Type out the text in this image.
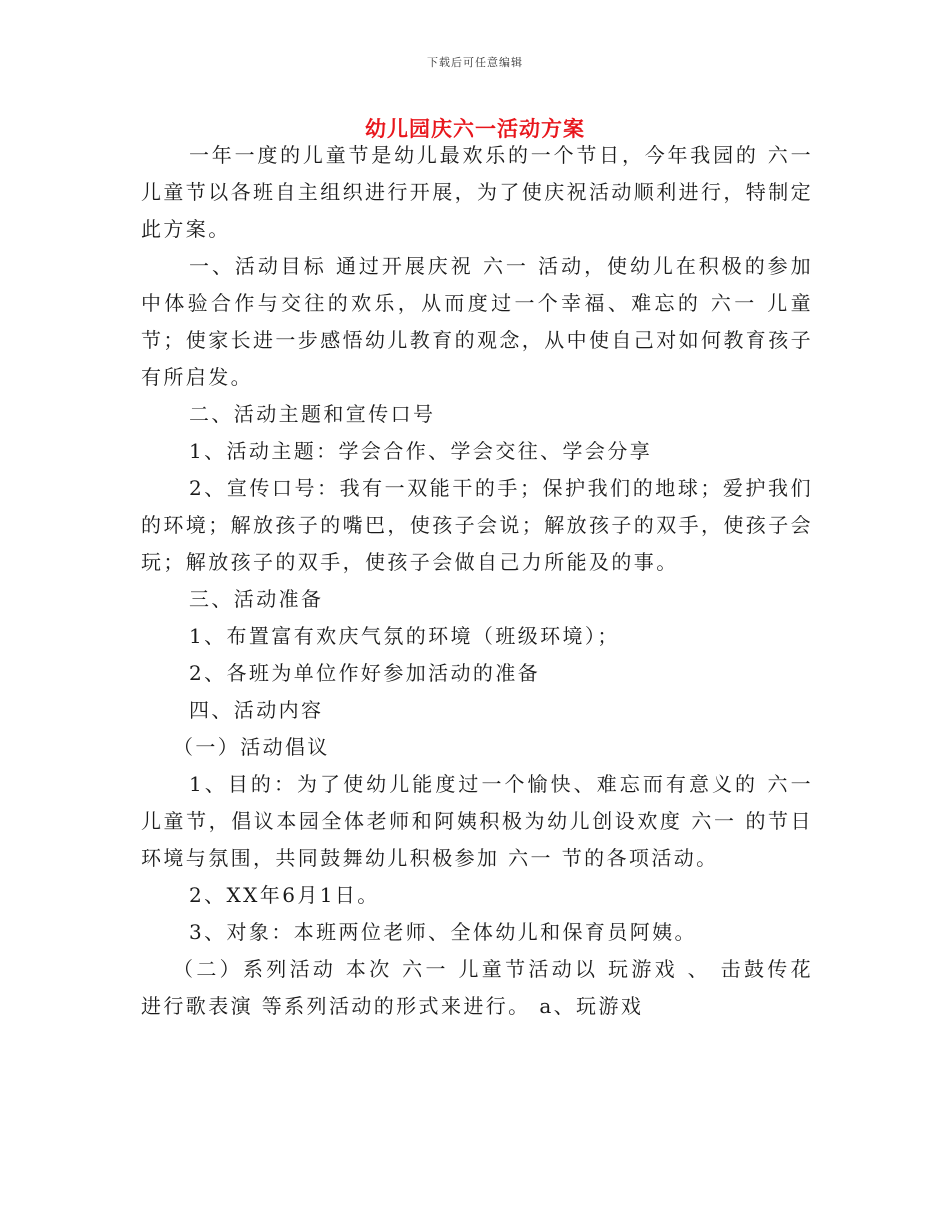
下载后可任意编辑
幼儿园庆六一活动方案

一年一度的儿童节是幼儿最欢乐的一个节日，今年我园的 六一 儿童节以各班自主组织进行开展，为了使庆祝活动顺利进行，特制定此方案。

一、活动目标 通过开展庆祝 六一 活动，使幼儿在积极的参加中体验合作与交往的欢乐，从而度过一个幸福、难忘的 六一 儿童节；使家长进一步感悟幼儿教育的观念，从中使自己对如何教育孩子有所启发。

二、活动主题和宣传口号

1、活动主题：学会合作、学会交往、学会分享

2、宣传口号：我有一双能干的手；保护我们的地球；爱护我们的环境；解放孩子的嘴巴，使孩子会说；解放孩子的双手，使孩子会玩；解放孩子的双手，使孩子会做自己力所能及的事。

三、活动准备

1、布置富有欢庆气氛的环境（班级环境）；

2、各班为单位作好参加活动的准备

四、活动内容

（一）活动倡议

1、目的：为了使幼儿能度过一个愉快、难忘而有意义的 六一 儿童节，倡议本园全体老师和阿姨积极为幼儿创设欢度 六一 的节日环境与氛围，共同鼓舞幼儿积极参加 六一 节的各项活动。

2、XX年6月1日。

3、对象：本班两位老师、全体幼儿和保育员阿姨。

（二）系列活动 本次 六一 儿童节活动以 玩游戏 、 击鼓传花 进行歌表演 等系列活动的形式来进行。 a、玩游戏
